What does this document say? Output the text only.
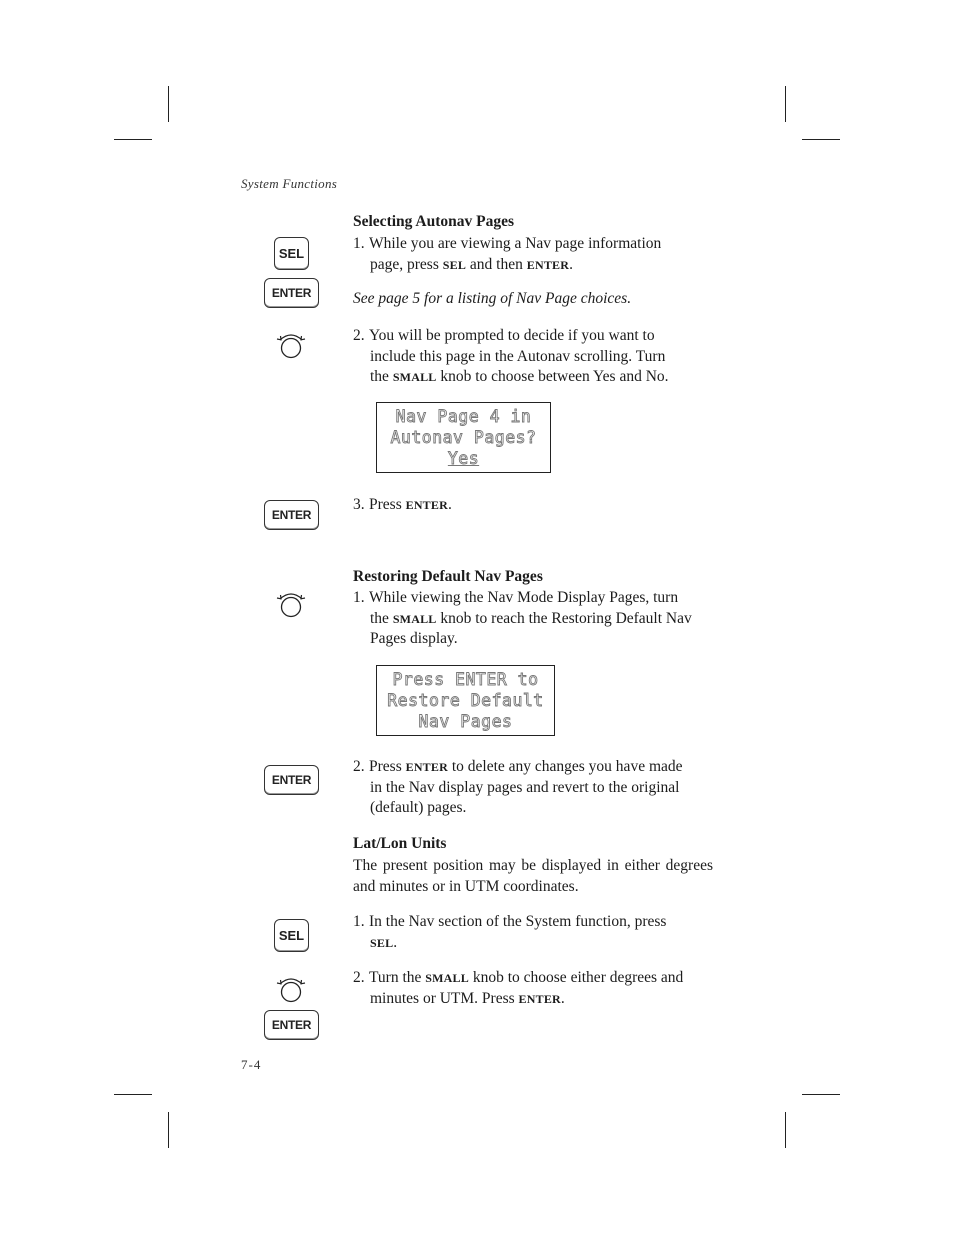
System Functions
Selecting Autonav Pages
SEL
ENTER
1. While you are viewing a Nav page information
page, press SEL and then ENTER.
See page 5 for a listing of Nav Page choices.
2. You will be prompted to decide if you want to
include this page in the Autonav scrolling. Turn
the SMALL knob to choose between Yes and No.
Nav Page 4 in
Autonav Pages?
Yes
ENTER
3. Press ENTER.
Restoring Default Nav Pages
1. While viewing the Nav Mode Display Pages, turn
the SMALL knob to reach the Restoring Default Nav
Pages display.
Press ENTER to
Restore Default
Nav Pages
ENTER
2. Press ENTER to delete any changes you have made
in the Nav display pages and revert to the original
(default) pages.
Lat/Lon Units
The present position may be displayed in either degrees and minutes or in UTM coordinates.
SEL
1. In the Nav section of the System function, press
SEL.
ENTER
2. Turn the SMALL knob to choose either degrees and
minutes or UTM. Press ENTER.
7-4
